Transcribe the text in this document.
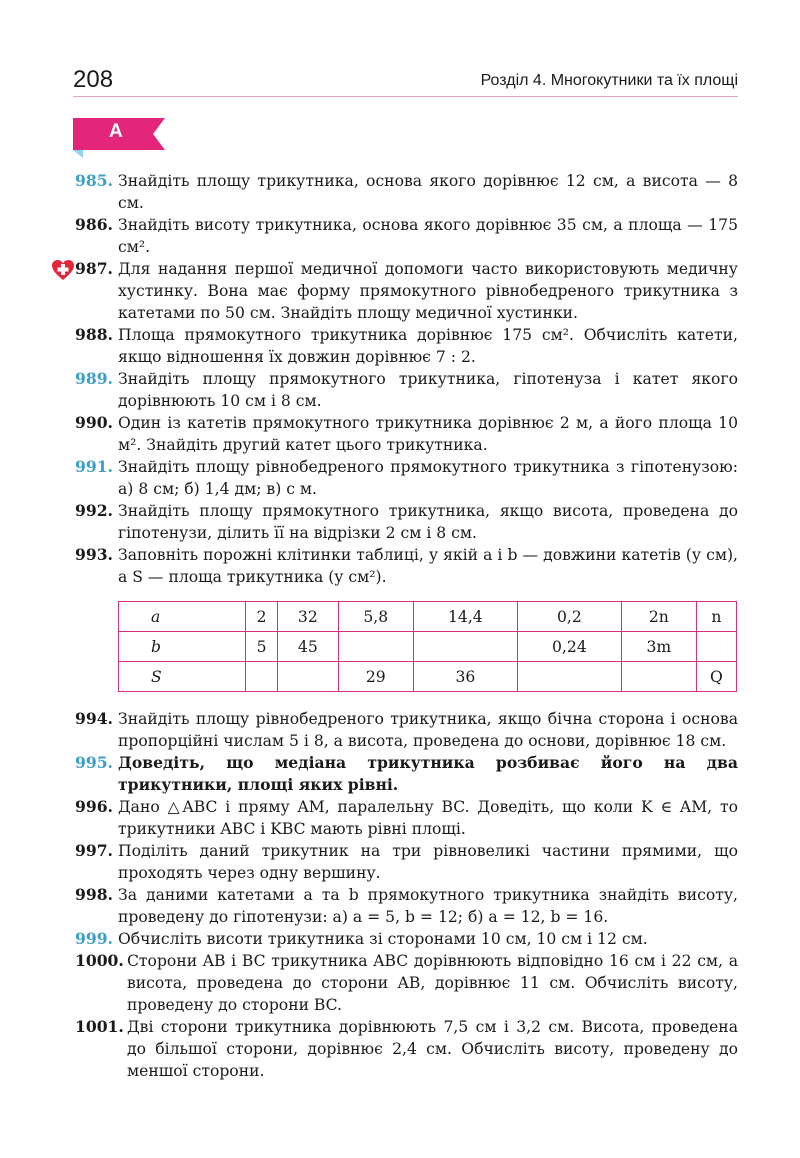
208	Розділ 4. Многокутники та їх площі
А
985. Знайдіть площу трикутника, основа якого дорівнює 12 см, а висота — 8 см.
986. Знайдіть висоту трикутника, основа якого дорівнює 35 см, а площа — 175 см².
987. Для надання першої медичної допомоги часто використовують медичну хустинку. Вона має форму прямокутного рівнобедреного трикутника з катетами по 50 см. Знайдіть площу медичної хустинки.
988. Площа прямокутного трикутника дорівнює 175 см². Обчисліть катети, якщо відношення їх довжин дорівнює 7 : 2.
989. Знайдіть площу прямокутного трикутника, гіпотенуза і катет якого дорівнюють 10 см і 8 см.
990. Один із катетів прямокутного трикутника дорівнює 2 м, а його площа 10 м². Знайдіть другий катет цього трикутника.
991. Знайдіть площу рівнобедреного прямокутного трикутника з гіпотенузою: а) 8 см; б) 1,4 дм; в) c м.
992. Знайдіть площу прямокутного трикутника, якщо висота, проведена до гіпотенузи, ділить її на відрізки 2 см і 8 см.
993. Заповніть порожні клітинки таблиці, у якій a і b — довжини катетів (у см), а S — площа трикутника (у см²).
a	2	32	5,8	14,4	0,2	2n	n
b	5	45			0,24	3m	
S			29	36			Q
994. Знайдіть площу рівнобедреного трикутника, якщо бічна сторона і основа пропорційні числам 5 і 8, а висота, проведена до основи, дорівнює 18 см.
995. Доведіть, що медіана трикутника розбиває його на два трикутники, площі яких рівні.
996. Дано △ABC і пряму AM, паралельну BC. Доведіть, що коли K ∈ AM, то трикутники ABC і KBC мають рівні площі.
997. Поділіть даний трикутник на три рівновеликі частини прямими, що проходять через одну вершину.
998. За даними катетами a та b прямокутного трикутника знайдіть висоту, проведену до гіпотенузи: а) a = 5, b = 12; б) a = 12, b = 16.
999. Обчисліть висоти трикутника зі сторонами 10 см, 10 см і 12 см.
1000. Сторони AB і BC трикутника ABC дорівнюють відповідно 16 см і 22 см, а висота, проведена до сторони AB, дорівнює 11 см. Обчисліть висоту, проведену до сторони BC.
1001. Дві сторони трикутника дорівнюють 7,5 см і 3,2 см. Висота, проведена до більшої сторони, дорівнює 2,4 см. Обчисліть висоту, проведену до меншої сторони.
